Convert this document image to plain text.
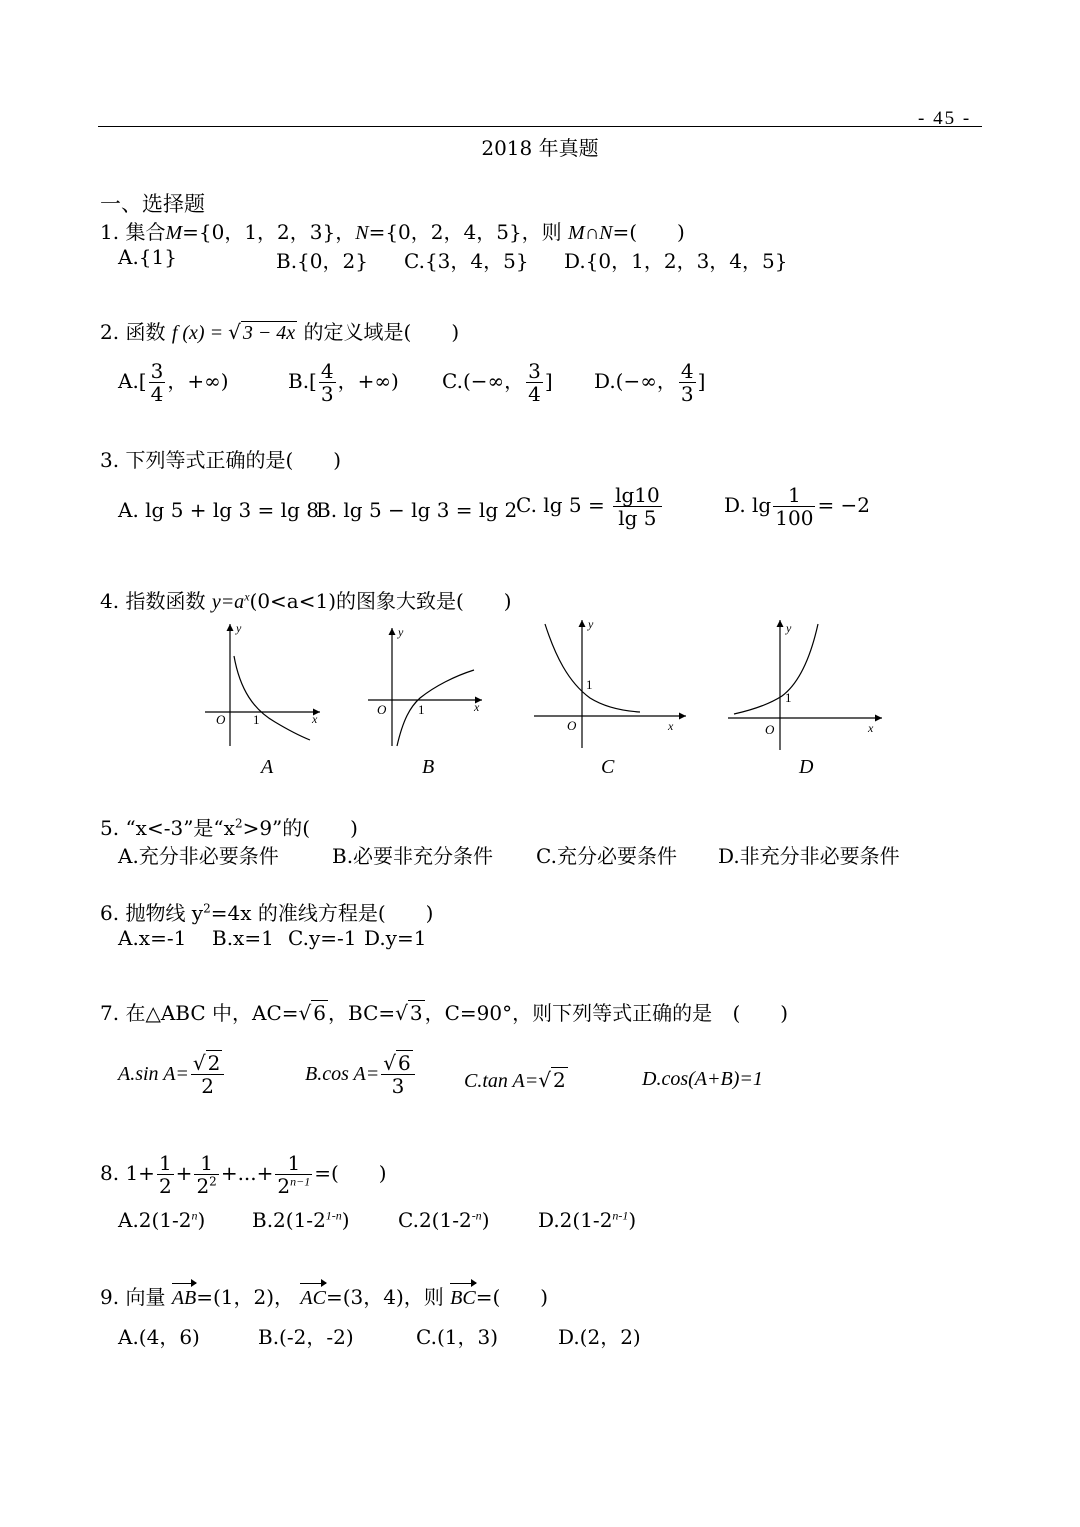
- 45 -
2018 年真题
一、选择题
1. 集合M={0，1，2，3}，N={0，2，4，5}，则 M∩N=(　　)
A.{1}	B.{0，2} C.{3，4，5} D.{0，1，2，3，4，5}
2. 函数 f (x) = √ 3 − 4x 的定义域是(　　)
$A.[ \frac{3}{4}$ ，+∞)	$B.[ \frac{4}{3}$ ，+∞) C.(−∞， $\frac{3}{4}$ ] D.(−∞， $\frac{4}{3}$ ]
3. 下列等式正确的是(　　)
A. lg 5 + lg 3 = lg 8
B. lg 5 − lg 3 = lg 2
C. $\lg 5 = \frac{\lg 10}{\lg 5}$	D. $\lg \frac{1}{100} = -2$
4. 指数函数 $y=a^x(0<a<1)$的图象大致是(　　)
y
x
O 1
y
x
O 1
y
x
O
1
y
x
O
1
A	B	C	D
5. “x<-3”是“$x^2>9$”的(　　)
A.充分非必要条件	B.必要非充分条件 C.充分必要条件 D.非充分非必要条件
6. 抛物线 $y^2=4x$ 的准线方程是(　　)
A.x=-1 B.x=1 C.y=-1 D.y=1
7. 在△ABC 中，AC=√ 6 ，BC=√ 3 ，C=90°，则下列等式正确的是 (　　)
A.sin $A= \frac{√ 2}{2}$	B.cos $A= \frac{√ 6}{3} C.\tan$ A=√ 2	D.cos(A+B)=1
8. $1+ \frac{1}{2} + \frac{1}{2^2}$ +...+ $\frac{1}{2^{n-1}}$ =(　　)
A.2(1-2$^n$) B.2(1-2$^{1-n}$) $C.2(1-2^{-n})$ D.2(1-2$^{n-1}$)
9. 向量 AB=(1，2)， AC=(3，4)，则 BC=(　　)
A.(4，6)	B.(-2，-2)	C.(1，3)	D.(2，2)
